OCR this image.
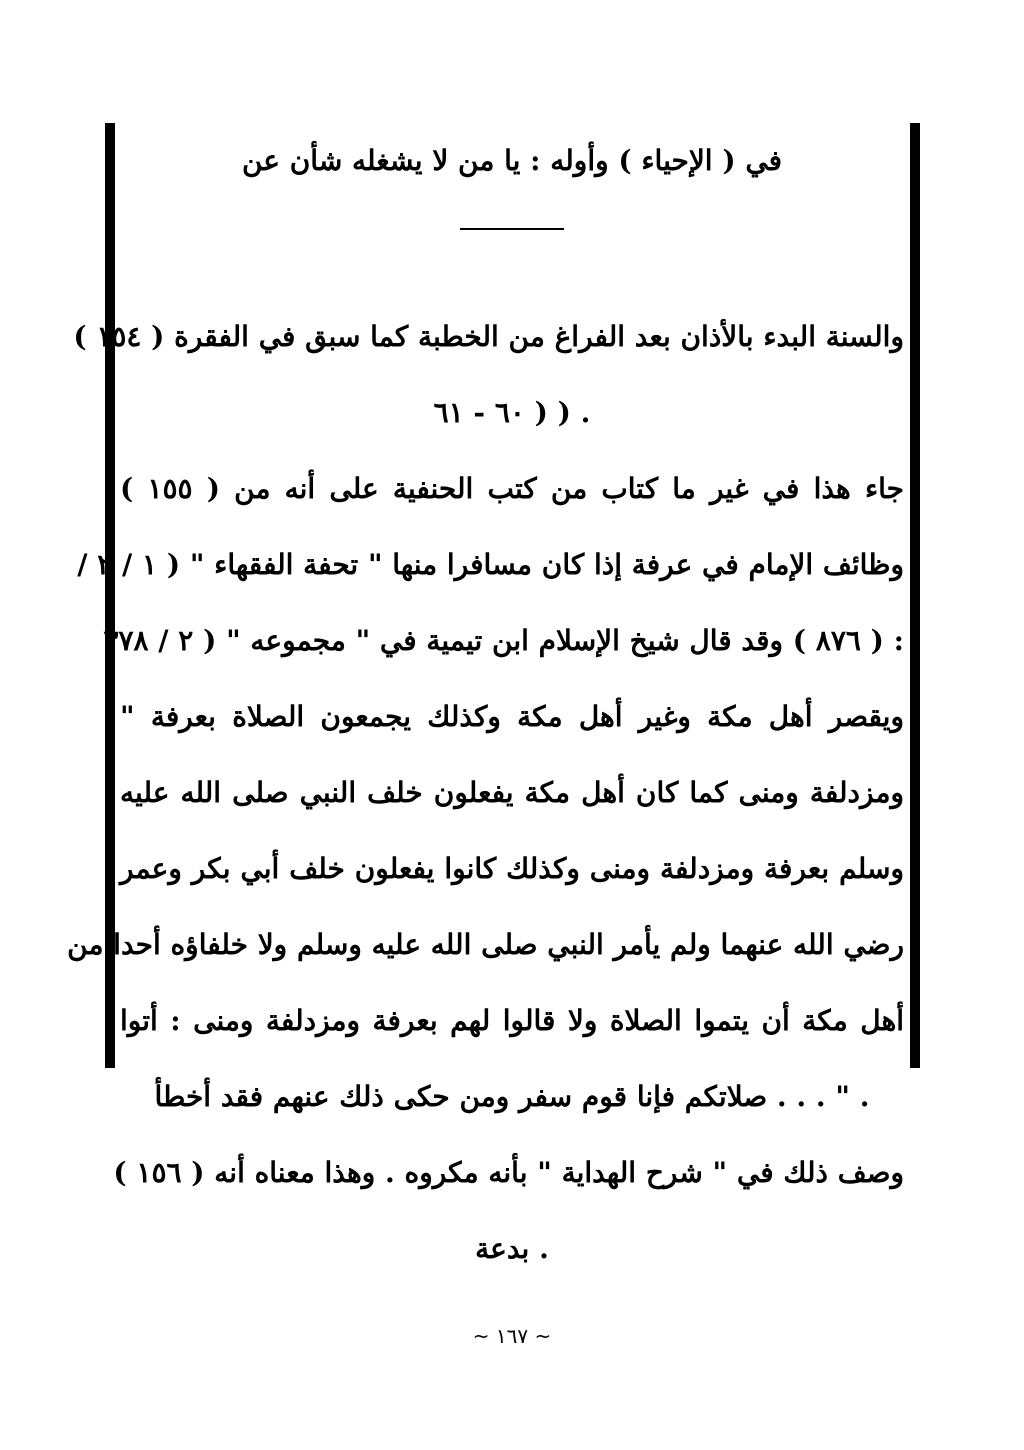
في ( الإحياء ) وأوله : يا من لا يشغله شأن عن
والسنة البدء بالأذان بعد الفراغ من الخطبة كما سبق في الفقرة ( ١٥٤ )
. ( ( ٦٠ - ٦١
جاء هذا في غير ما كتاب من كتب الحنفية على أنه من ( ١٥٥ )
وظائف الإمام في عرفة إذا كان مسافرا منها " تحفة الفقهاء " ( ١ / ٢ /
: ( ٨٧٦ ) وقد قال شيخ الإسلام ابن تيمية في " مجموعه " ( ٢ / ٣٧٨
ويقصر أهل مكة وغير أهل مكة وكذلك يجمعون الصلاة بعرفة "
ومزدلفة ومنى كما كان أهل مكة يفعلون خلف النبي صلى الله عليه
وسلم بعرفة ومزدلفة ومنى وكذلك كانوا يفعلون خلف أبي بكر وعمر
رضي الله عنهما ولم يأمر النبي صلى الله عليه وسلم ولا خلفاؤه أحدا من
أهل مكة أن يتموا الصلاة ولا قالوا لهم بعرفة ومزدلفة ومنى : أتوا
. " . . . صلاتكم فإنا قوم سفر ومن حكى ذلك عنهم فقد أخطأ
وصف ذلك في " شرح الهداية " بأنه مكروه . وهذا معناه أنه ( ١٥٦ )
. بدعة
~ ١٦٧ ~
